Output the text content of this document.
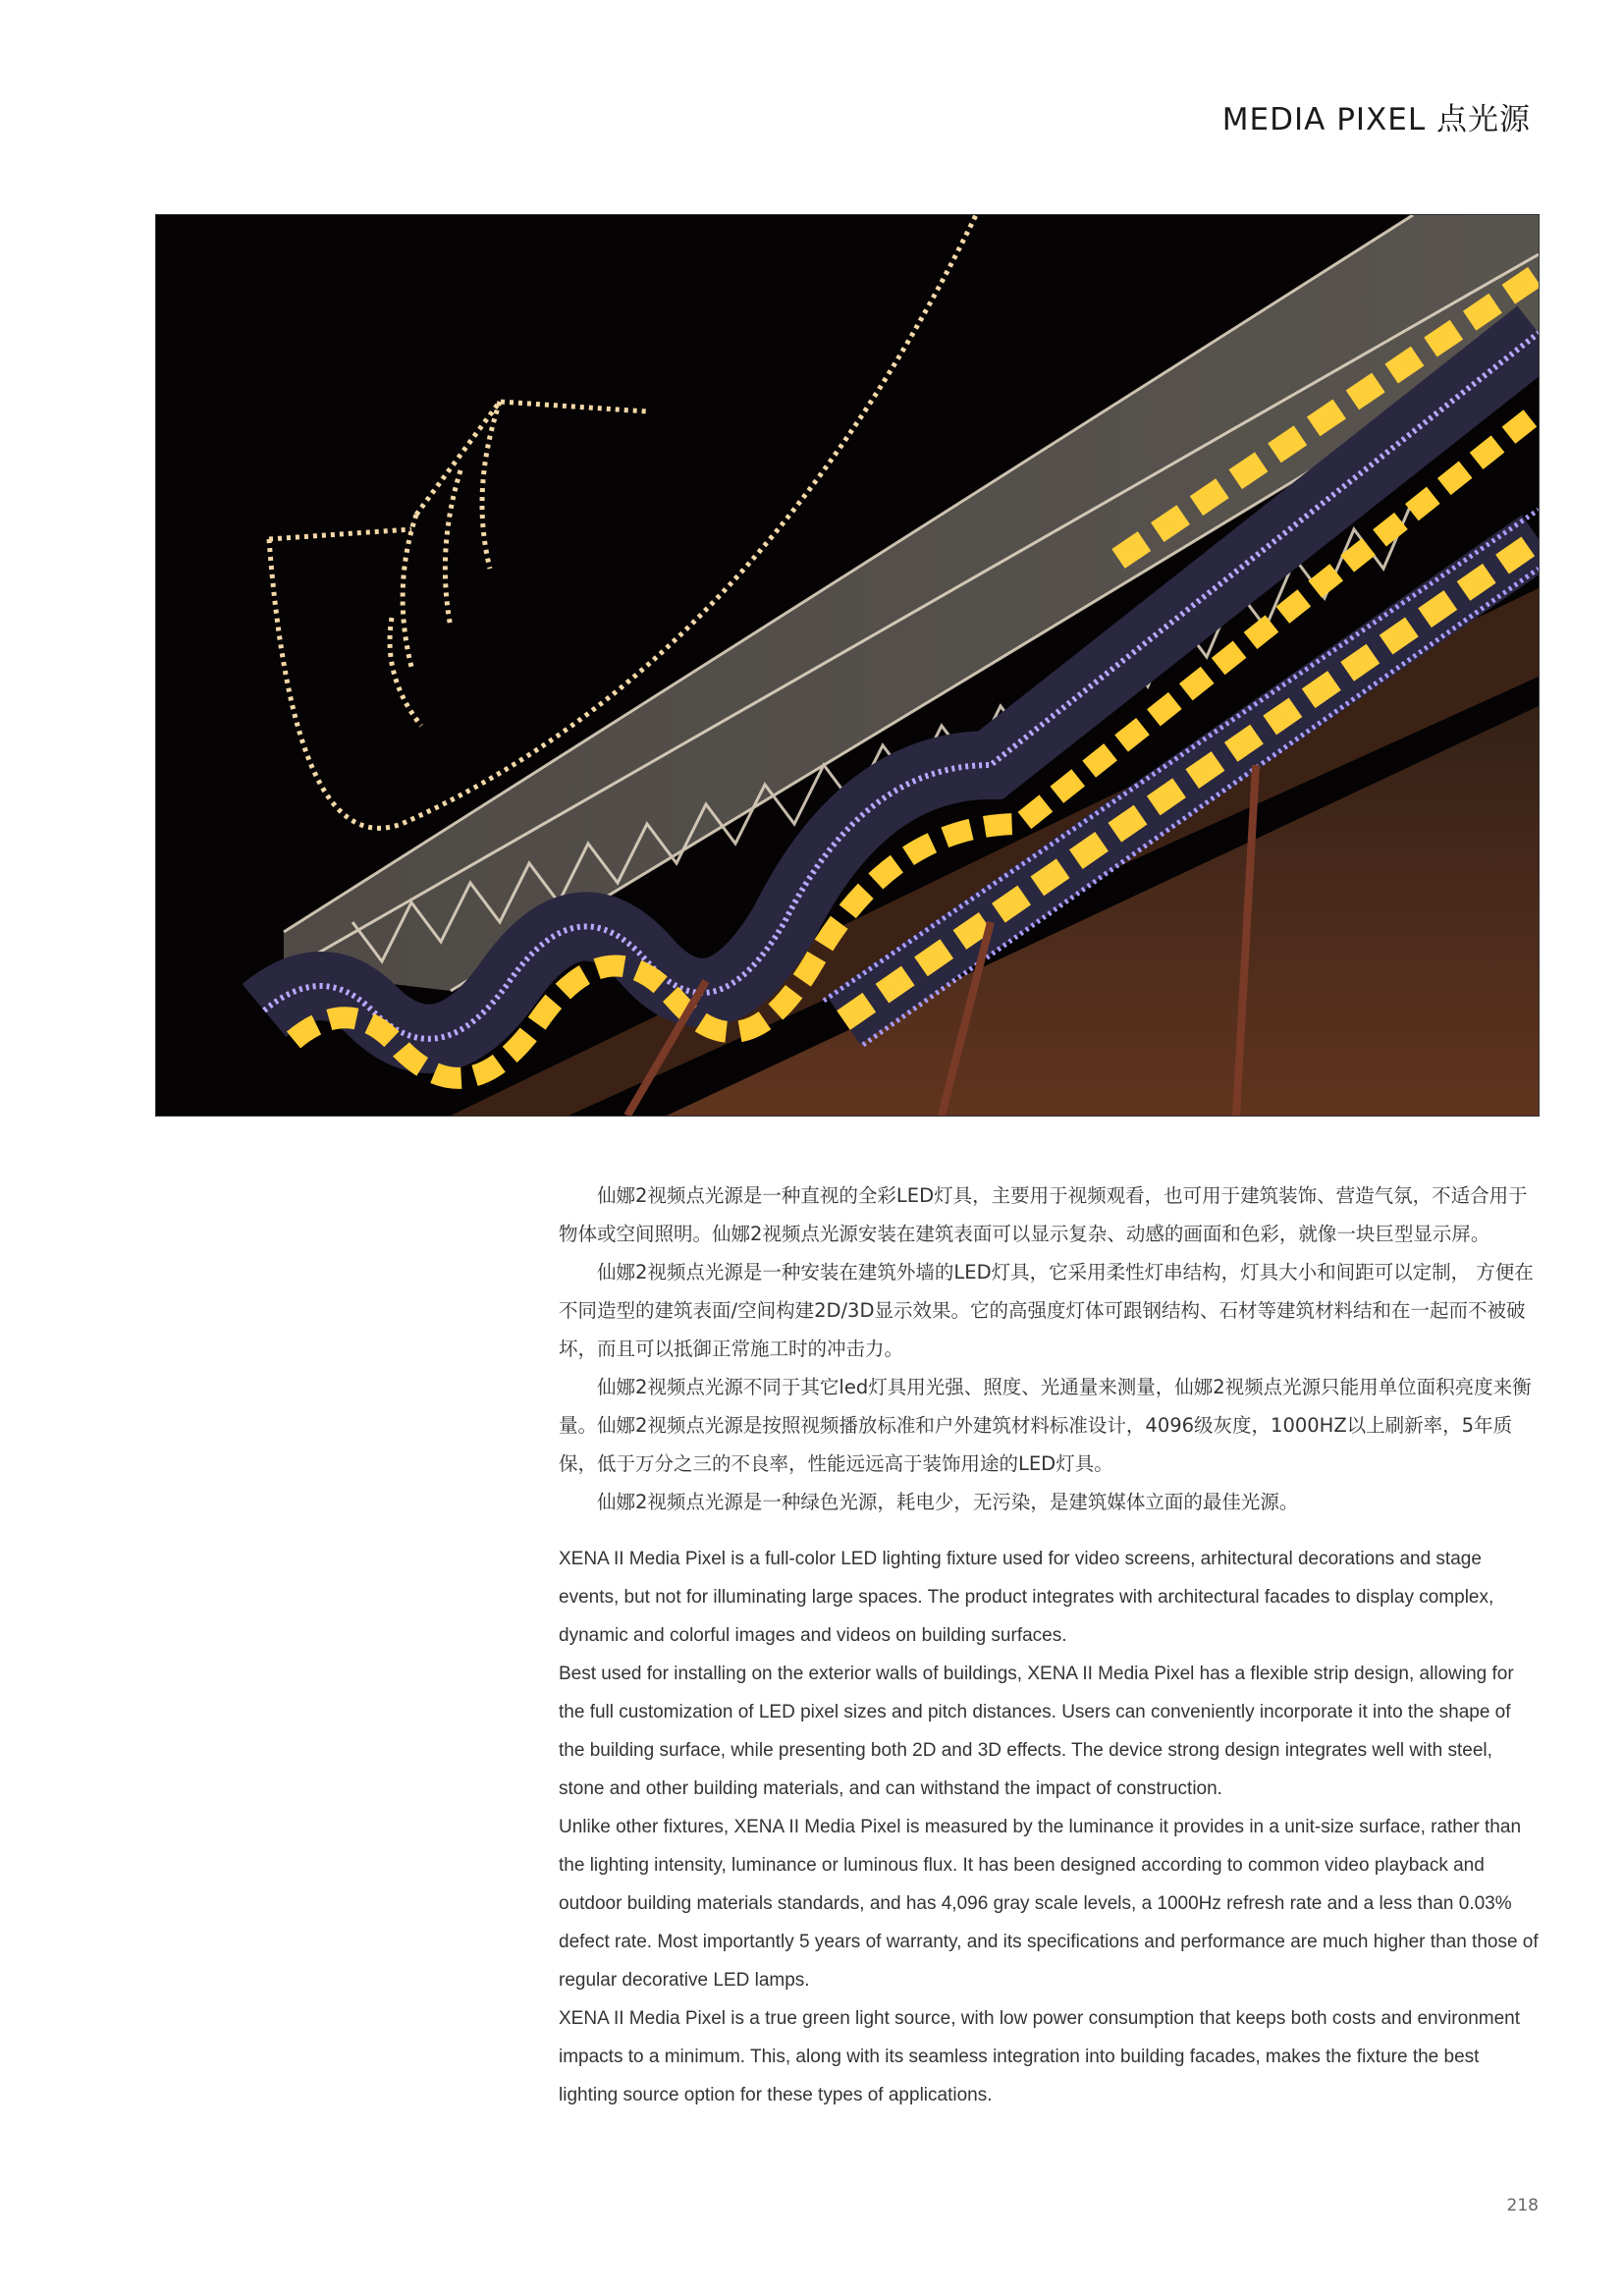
MEDIA PIXEL 点光源

仙娜2视频点光源是一种直视的全彩LED灯具，主要用于视频观看，也可用于建筑装饰、营造气氛，不适合用于物体或空间照明。仙娜2视频点光源安装在建筑表面可以显示复杂、动感的画面和色彩，就像一块巨型显示屏。

仙娜2视频点光源是一种安装在建筑外墙的LED灯具，它采用柔性灯串结构，灯具大小和间距可以定制， 方便在不同造型的建筑表面/空间构建2D/3D显示效果。它的高强度灯体可跟钢结构、石材等建筑材料结和在一起而不被破坏，而且可以抵御正常施工时的冲击力。

仙娜2视频点光源不同于其它led灯具用光强、照度、光通量来测量，仙娜2视频点光源只能用单位面积亮度来衡量。仙娜2视频点光源是按照视频播放标准和户外建筑材料标准设计，4096级灰度，1000HZ以上刷新率，5年质保，低于万分之三的不良率，性能远远高于装饰用途的LED灯具。

仙娜2视频点光源是一种绿色光源，耗电少，无污染，是建筑媒体立面的最佳光源。

XENA II Media Pixel is a full-color LED lighting fixture used for video screens, arhitectural decorations and stage events, but not for illuminating large spaces. The product integrates with architectural facades to display complex, dynamic and colorful images and videos on building surfaces.

Best used for installing on the exterior walls of buildings, XENA II Media Pixel has a flexible strip design, allowing for the full customization of LED pixel sizes and pitch distances. Users can conveniently incorporate it into the shape of the building surface, while presenting both 2D and 3D effects. The device strong design integrates well with steel, stone and other building materials, and can withstand the impact of construction.

Unlike other fixtures, XENA II Media Pixel is measured by the luminance it provides in a unit-size surface, rather than the lighting intensity, luminance or luminous flux. It has been designed according to common video playback and outdoor building materials standards, and has 4,096 gray scale levels, a 1000Hz refresh rate and a less than 0.03% defect rate. Most importantly 5 years of warranty, and its specifications and performance are much higher than those of regular decorative LED lamps.

XENA II Media Pixel is a true green light source, with low power consumption that keeps both costs and environment impacts to a minimum. This, along with its seamless integration into building facades, makes the fixture the best lighting source option for these types of applications.

218
